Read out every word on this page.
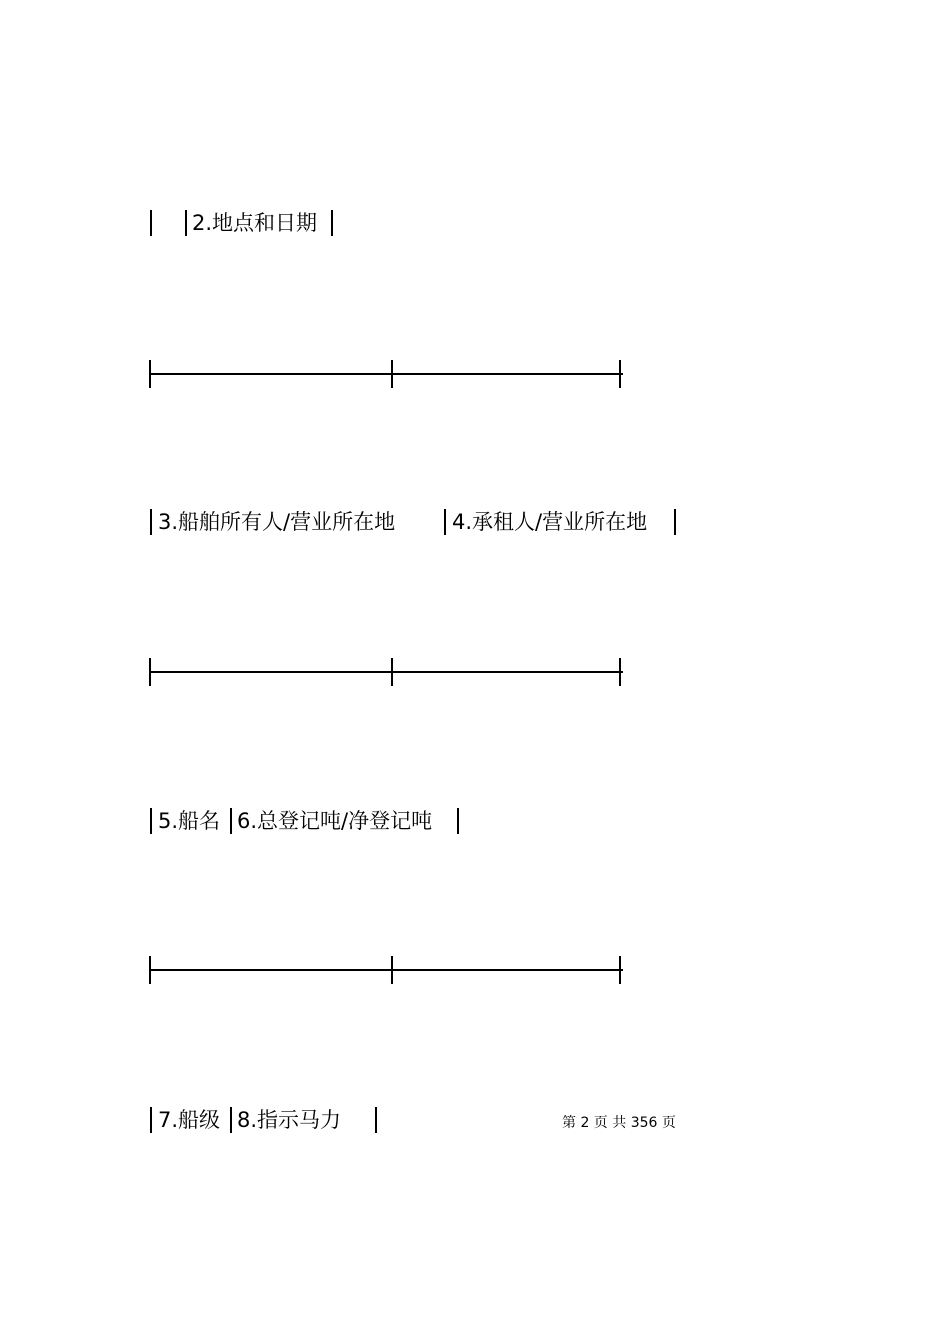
2.地点和日期
3.船舶所有人/营业所在地	4.承租人/营业所在地
5.船名 6.总登记吨/净登记吨
7.船级 8.指示马力	第 2 页 共 356 页
